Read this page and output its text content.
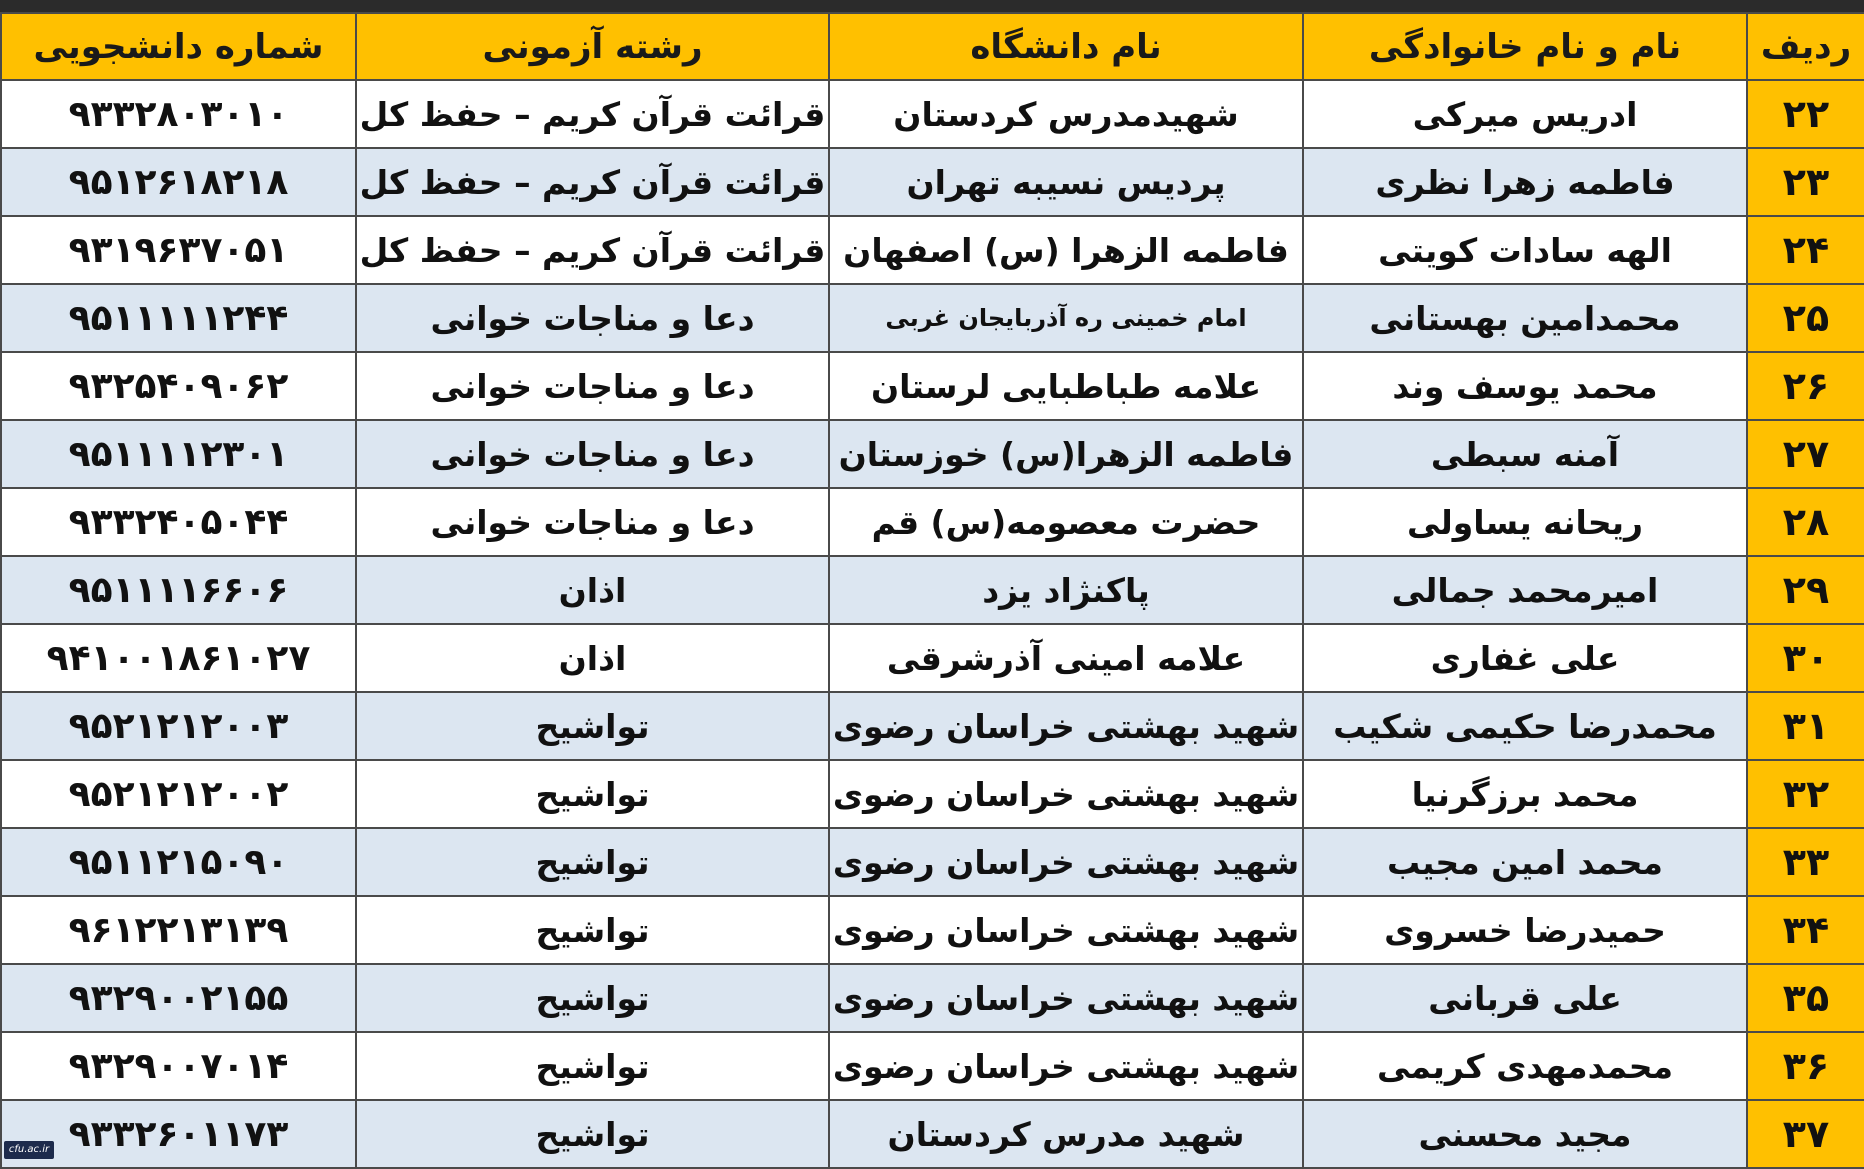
ردیف	نام و نام خانوادگی	نام دانشگاه	رشته آزمونی	شماره دانشجویی
۲۲	ادریس میرکی	شهیدمدرس کردستان	قرائت قرآن کریم – حفظ کل	۹۳۳۲۸۰۳۰۱۰
۲۳	فاطمه زهرا نظری	پردیس نسیبه تهران	قرائت قرآن کریم – حفظ کل	۹۵۱۲۶۱۸۲۱۸
۲۴	الهه سادات کویتی	فاطمه الزهرا (س) اصفهان	قرائت قرآن کریم – حفظ کل	۹۳۱۹۶۳۷۰۵۱
۲۵	محمدامین بهستانی	امام خمینی ره آذربایجان غربی	دعا و مناجات خوانی	۹۵۱۱۱۱۱۲۴۴
۲۶	محمد یوسف وند	علامه طباطبایی لرستان	دعا و مناجات خوانی	۹۳۲۵۴۰۹۰۶۲
۲۷	آمنه سبطی	فاطمه الزهرا(س) خوزستان	دعا و مناجات خوانی	۹۵۱۱۱۱۲۳۰۱
۲۸	ریحانه یساولی	حضرت معصومه(س) قم	دعا و مناجات خوانی	۹۳۳۲۴۰۵۰۴۴
۲۹	امیرمحمد جمالی	پاکنژاد یزد	اذان	۹۵۱۱۱۱۶۶۰۶
۳۰	علی غفاری	علامه امینی آذرشرقی	اذان	۹۴۱۰۰۱۸۶۱۰۲۷
۳۱	محمدرضا حکیمی شکیب	شهید بهشتی خراسان رضوی	تواشیح	۹۵۲۱۲۱۲۰۰۳
۳۲	محمد برزگرنیا	شهید بهشتی خراسان رضوی	تواشیح	۹۵۲۱۲۱۲۰۰۲
۳۳	محمد امین مجیب	شهید بهشتی خراسان رضوی	تواشیح	۹۵۱۱۲۱۵۰۹۰
۳۴	حمیدرضا خسروی	شهید بهشتی خراسان رضوی	تواشیح	۹۶۱۲۲۱۳۱۳۹
۳۵	علی قربانی	شهید بهشتی خراسان رضوی	تواشیح	۹۳۲۹۰۰۲۱۵۵
۳۶	محمدمهدی کریمی	شهید بهشتی خراسان رضوی	تواشیح	۹۳۲۹۰۰۷۰۱۴
۳۷	مجید محسنی	شهید مدرس کردستان	تواشیح	۹۳۳۲۶۰۱۱۷۳
cfu.ac.ir
